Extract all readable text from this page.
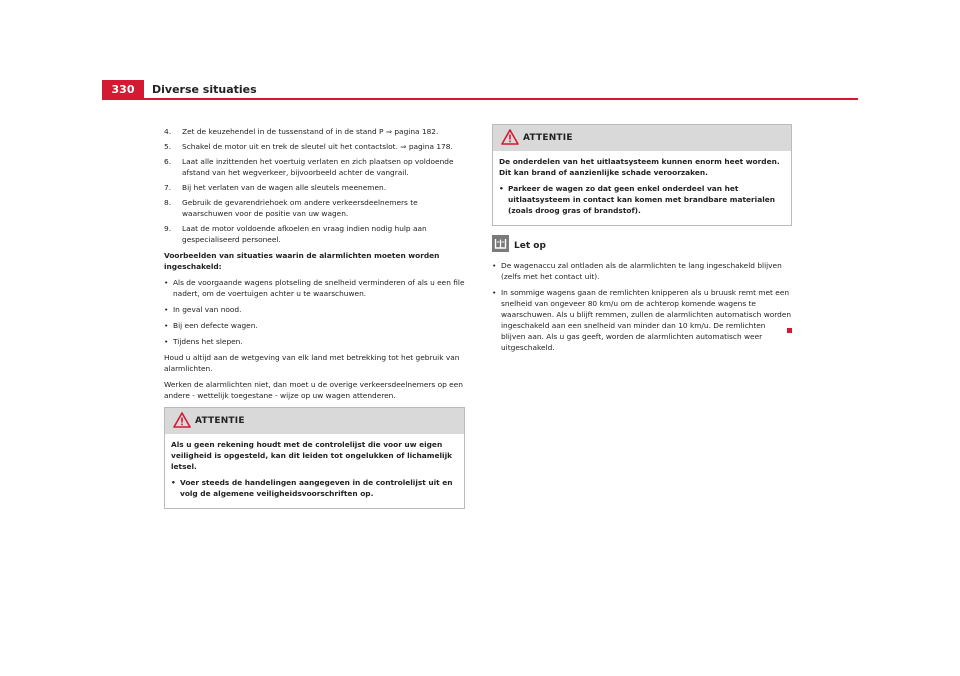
330	Diverse situaties
4. Zet de keuzehendel in de tussenstand of in de stand P ⇒ pagina 182.
5. Schakel de motor uit en trek de sleutel uit het contactslot. ⇒ pagina 178.
6. Laat alle inzittenden het voertuig verlaten en zich plaatsen op voldoende afstand van het wegverkeer, bijvoorbeeld achter de vangrail.
7. Bij het verlaten van de wagen alle sleutels meenemen.
8. Gebruik de gevarendriehoek om andere verkeersdeelnemers te waarschuwen voor de positie van uw wagen.
9. Laat de motor voldoende afkoelen en vraag indien nodig hulp aan gespecialiseerd personeel.

Voorbeelden van situaties waarin de alarmlichten moeten worden ingeschakeld:

• Als de voorgaande wagens plotseling de snelheid verminderen of als u een file nadert, om de voertuigen achter u te waarschuwen.
• In geval van nood.
• Bij een defecte wagen.
• Tijdens het slepen.

Houd u altijd aan de wetgeving van elk land met betrekking tot het gebruik van alarmlichten.

Werken de alarmlichten niet, dan moet u de overige verkeersdeelnemers op een andere - wettelijk toegestane - wijze op uw wagen attenderen.

ATTENTIE

Als u geen rekening houdt met de controlelijst die voor uw eigen veiligheid is opgesteld, kan dit leiden tot ongelukken of lichamelijk letsel.

• Voer steeds de handelingen aangegeven in de controlelijst uit en volg de algemene veiligheidsvoorschriften op.
ATTENTIE

De onderdelen van het uitlaatsysteem kunnen enorm heet worden. Dit kan brand of aanzienlijke schade veroorzaken.

• Parkeer de wagen zo dat geen enkel onderdeel van het uitlaatsysteem in contact kan komen met brandbare materialen (zoals droog gras of brandstof).
Let op
• De wagenaccu zal ontladen als de alarmlichten te lang ingeschakeld blijven (zelfs met het contact uit).
• In sommige wagens gaan de remlichten knipperen als u bruusk remt met een snelheid van ongeveer 80 km/u om de achterop komende wagens te waarschuwen. Als u blijft remmen, zullen de alarmlichten automatisch worden ingeschakeld aan een snelheid van minder dan 10 km/u. De remlichten blijven aan. Als u gas geeft, worden de alarmlichten automatisch weer uitgeschakeld.
